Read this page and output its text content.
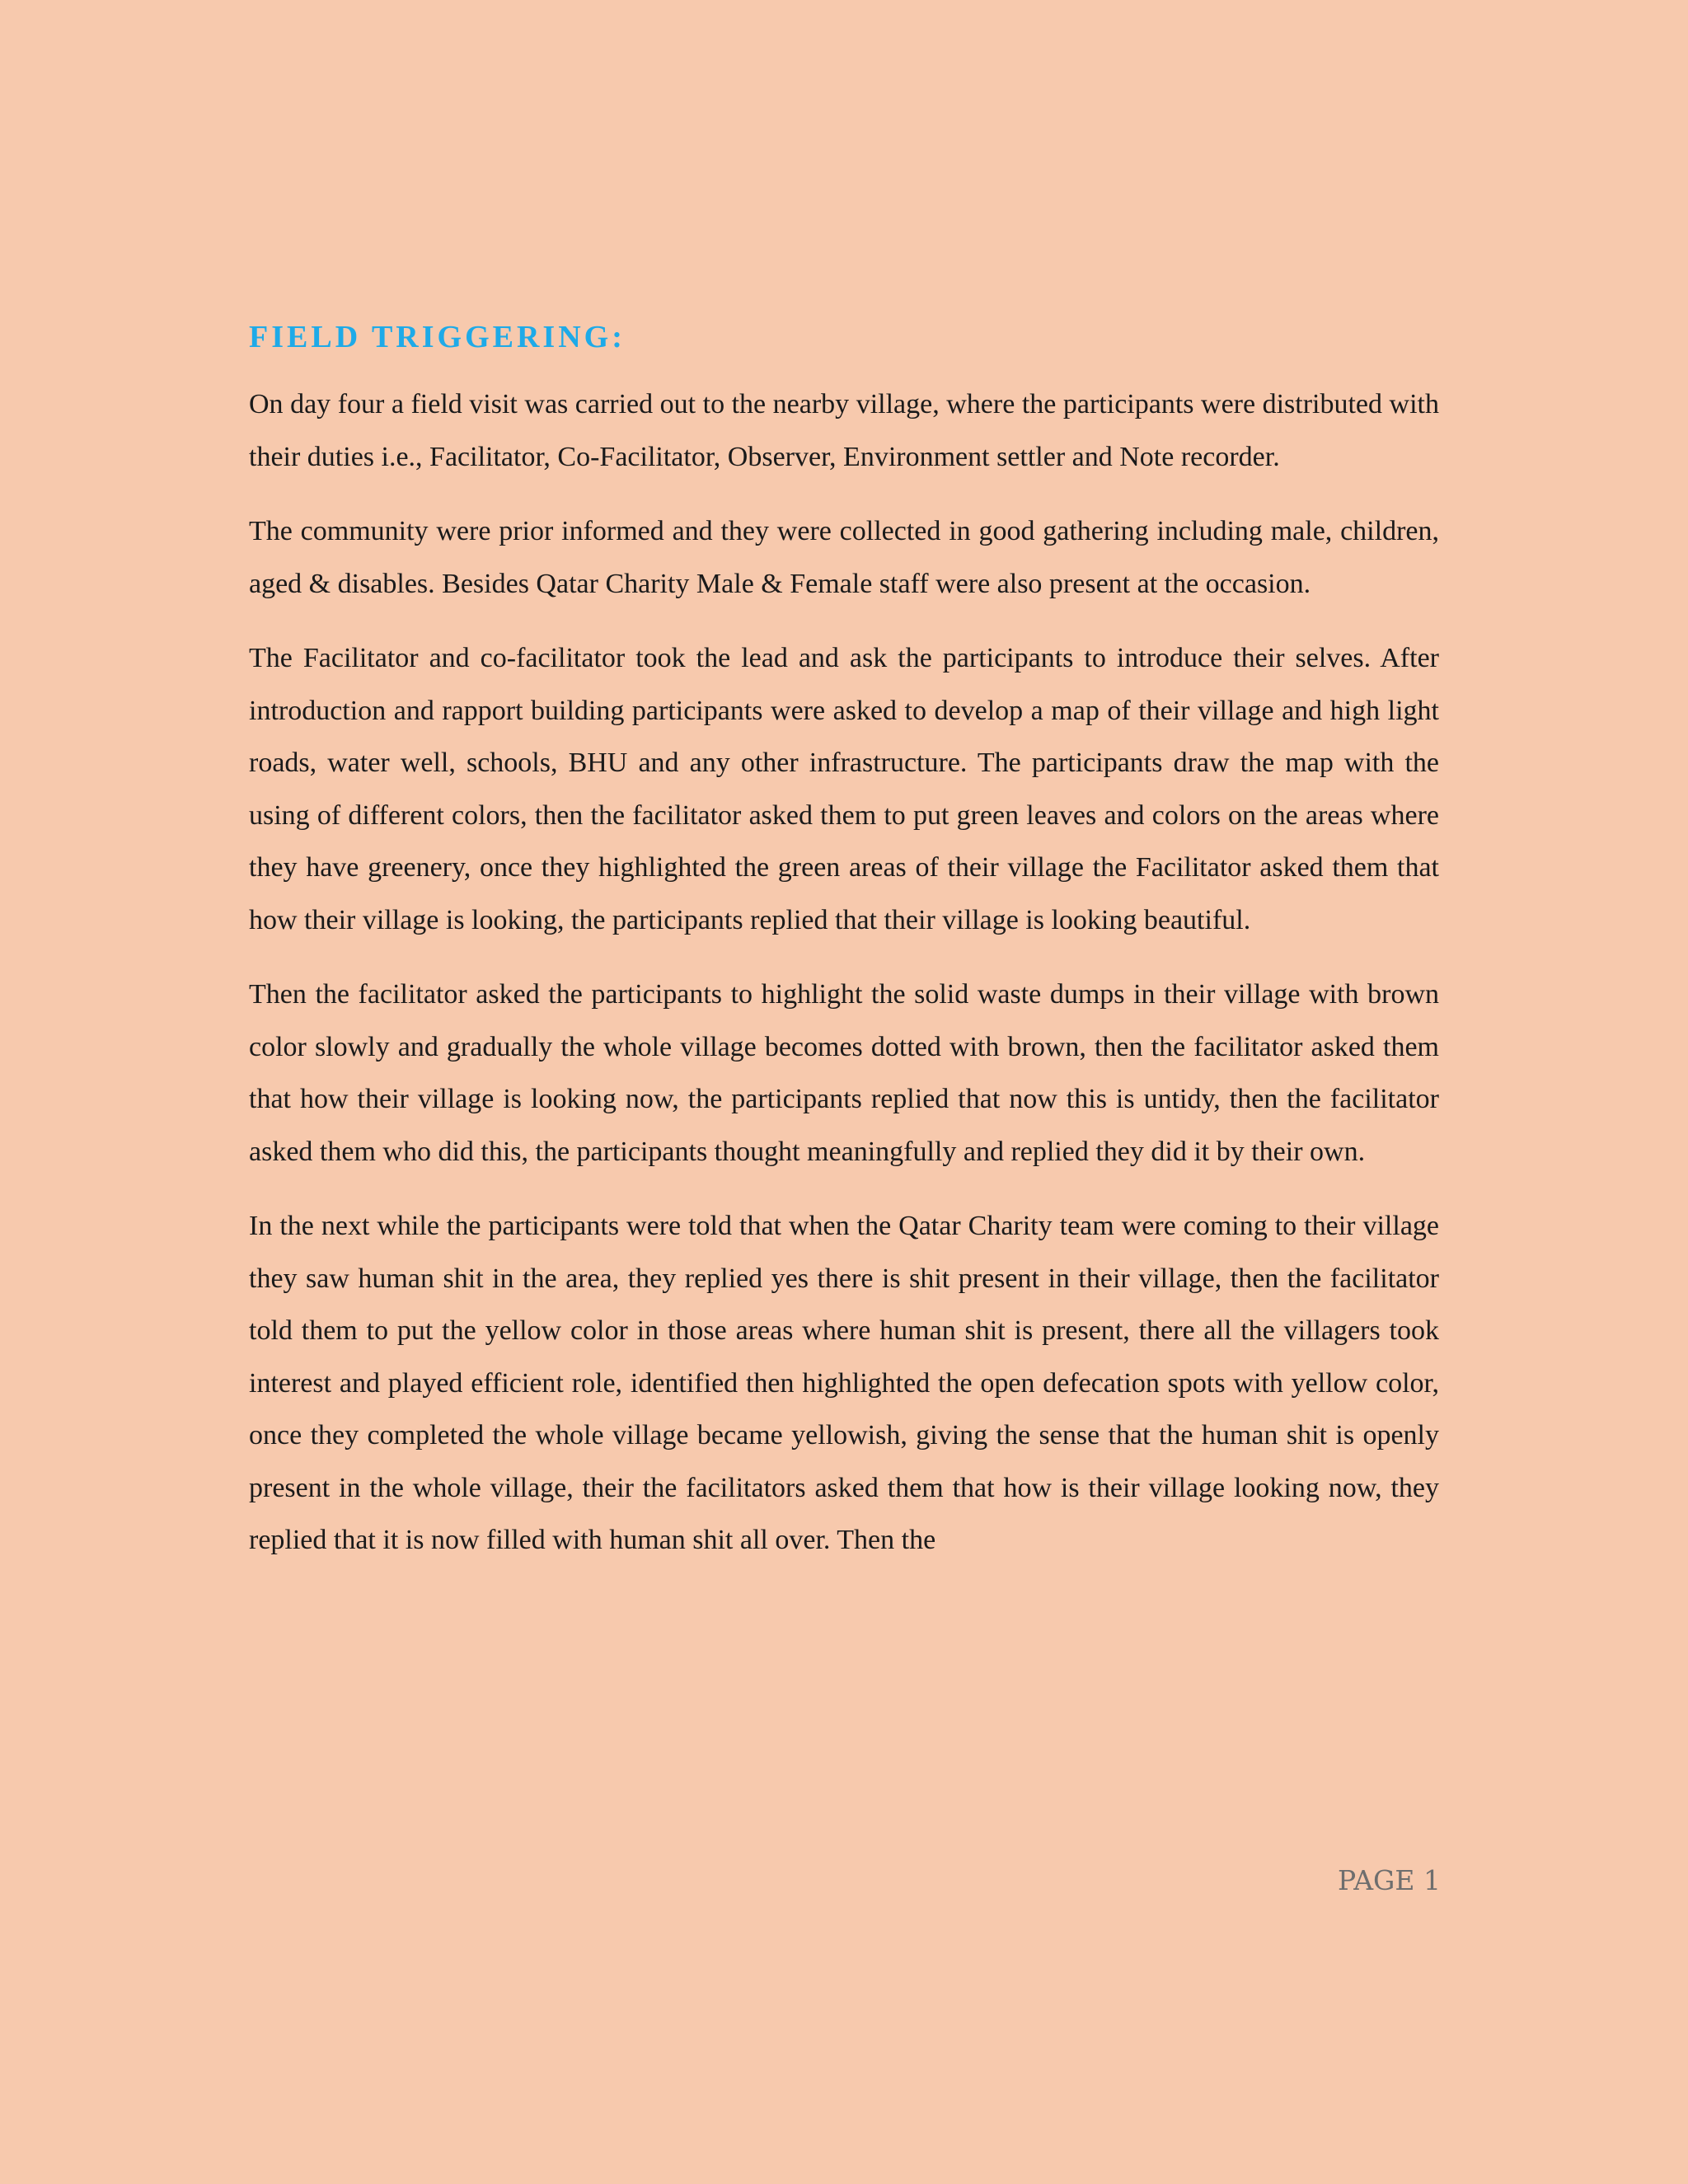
FIELD TRIGGERING:

On day four a field visit was carried out to the nearby village, where the participants were distributed with their duties i.e., Facilitator, Co-Facilitator, Observer, Environment settler and Note recorder.

The community were prior informed and they were collected in good gathering including male, children, aged & disables. Besides Qatar Charity Male & Female staff were also present at the occasion.

The Facilitator and co-facilitator took the lead and ask the participants to introduce their selves. After introduction and rapport building participants were asked to develop a map of their village and high light roads, water well, schools, BHU and any other infrastructure. The participants draw the map with the using of different colors, then the facilitator asked them to put green leaves and colors on the areas where they have greenery, once they highlighted the green areas of their village the Facilitator asked them that how their village is looking, the participants replied that their village is looking beautiful.

Then the facilitator asked the participants to highlight the solid waste dumps in their village with brown color slowly and gradually the whole village becomes dotted with brown, then the facilitator asked them that how their village is looking now, the participants replied that now this is untidy, then the facilitator asked them who did this, the participants thought meaningfully and replied they did it by their own.

In the next while the participants were told that when the Qatar Charity team were coming to their village they saw human shit in the area, they replied yes there is shit present in their village, then the facilitator told them to put the yellow color in those areas where human shit is present, there all the villagers took interest and played efficient role, identified then highlighted the open defecation spots with yellow color, once they completed the whole village became yellowish, giving the sense that the human shit is openly present in the whole village, their the facilitators asked them that how is their village looking now, they replied that it is now filled with human shit all over. Then the

PAGE 1
